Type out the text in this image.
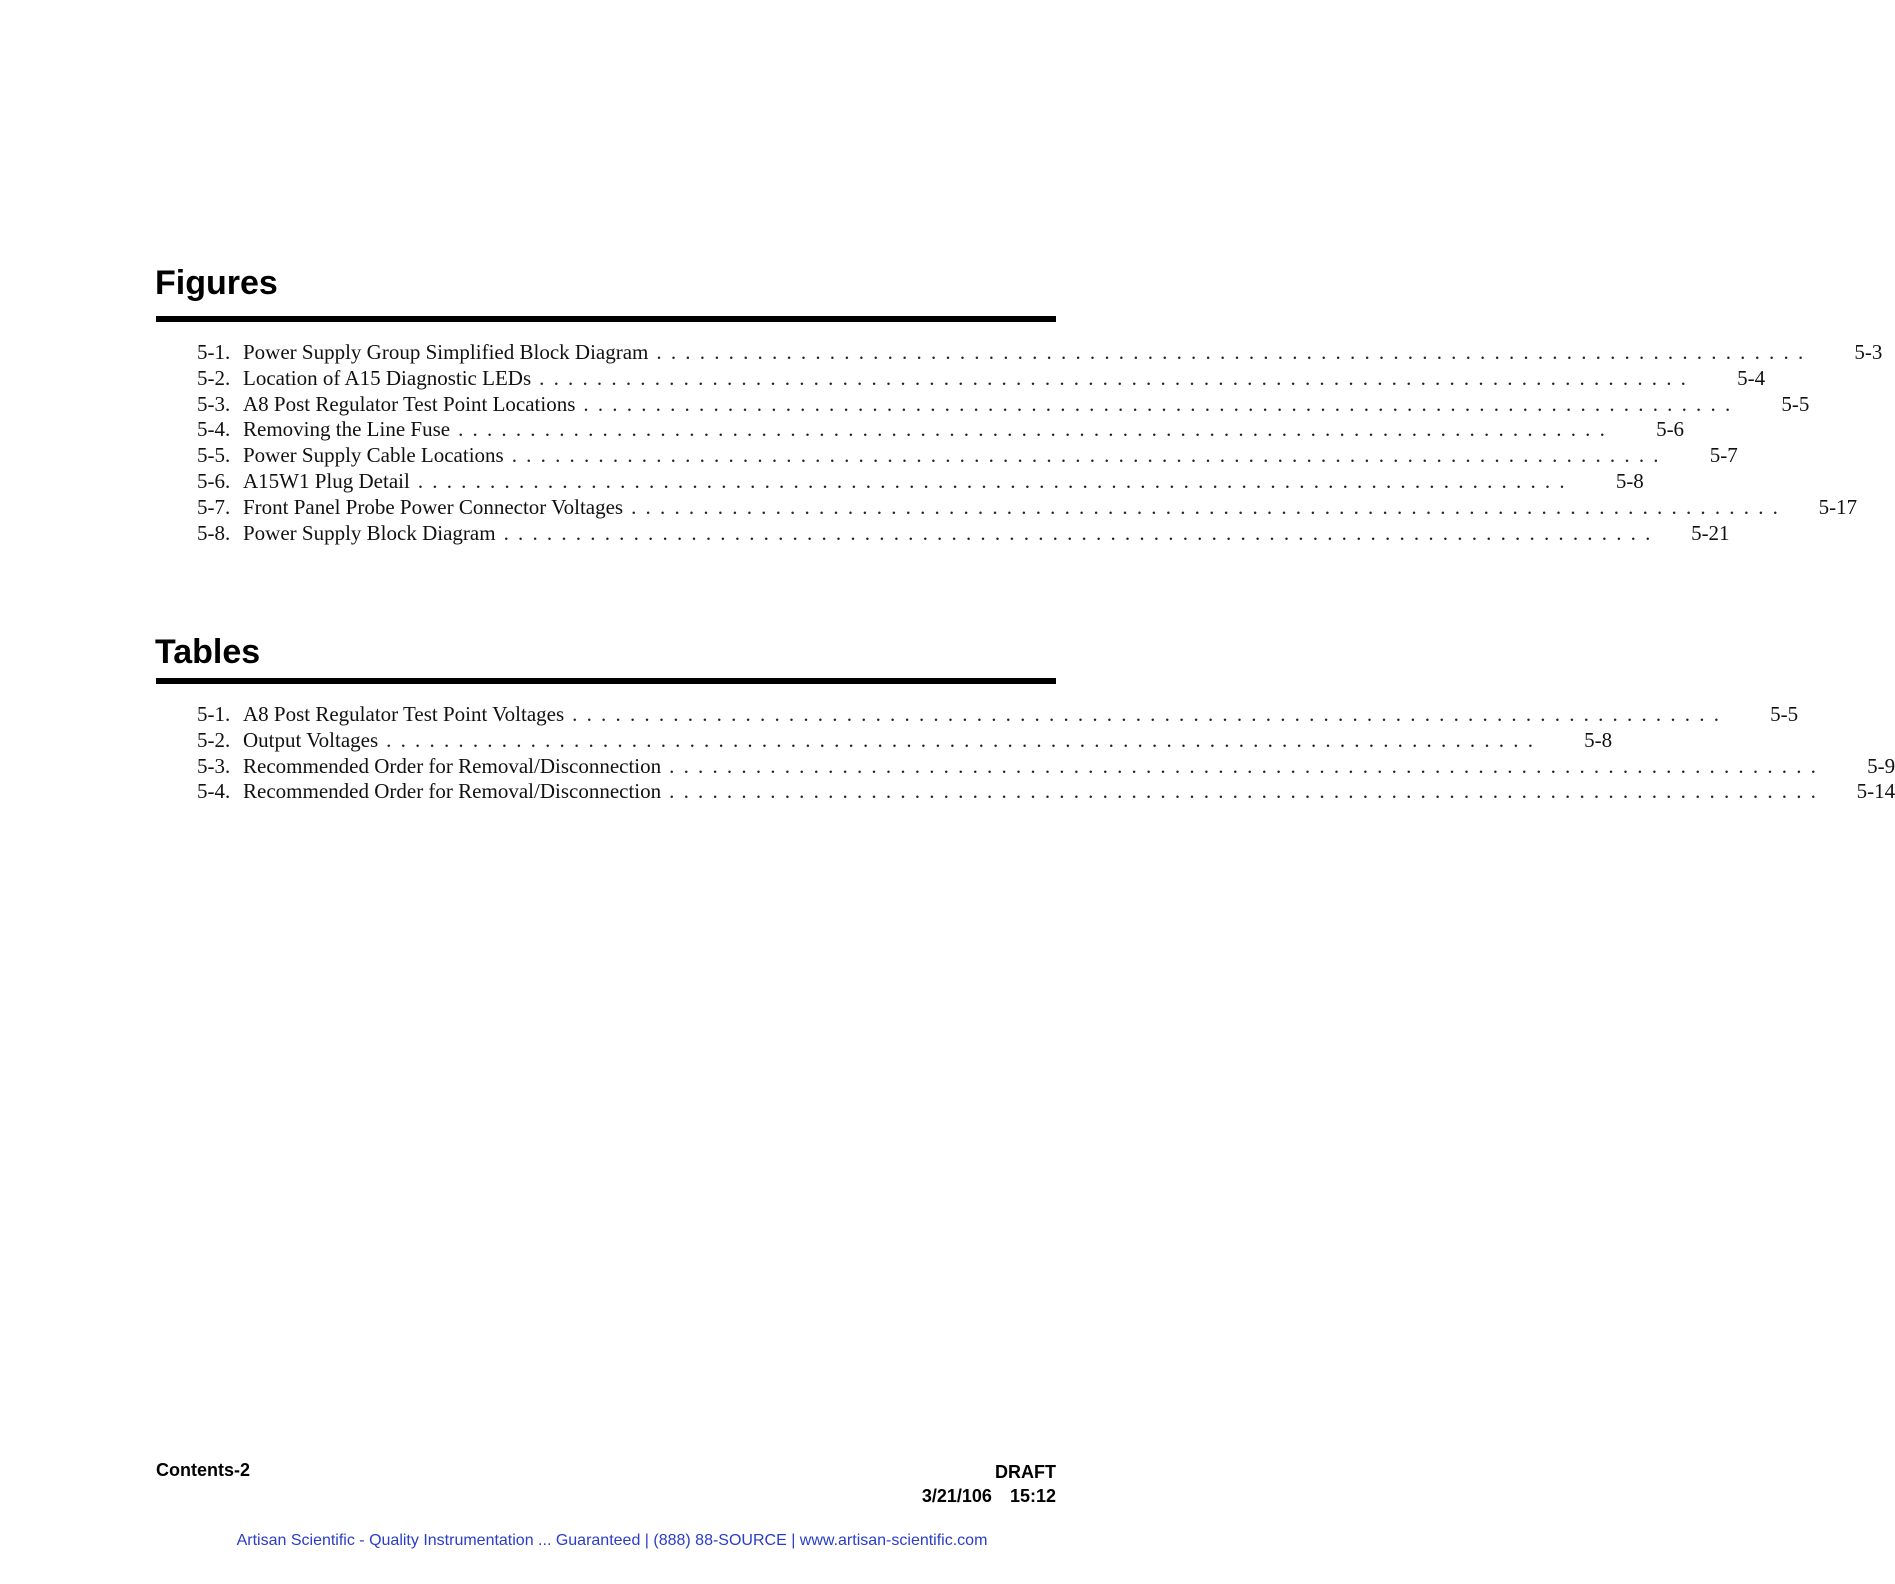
Figures
5-1. Power Supply Group Simplified Block Diagram ................................................................................	5-3
5-2. Location of A15 Diagnostic LEDs ................................................................................	5-4
5-3. A8 Post Regulator Test Point Locations ................................................................................	5-5
5-4. Removing the Line Fuse ................................................................................	5-6
5-5. Power Supply Cable Locations ................................................................................	5-7
5-6. A15W1 Plug Detail ................................................................................	5-8
5-7. Front Panel Probe Power Connector Voltages ................................................................................	5-17
5-8. Power Supply Block Diagram ................................................................................	5-21
Tables
5-1. A8 Post Regulator Test Point Voltages ................................................................................	5-5
5-2. Output Voltages ................................................................................	5-8
5-3. Recommended Order for Removal/Disconnection ................................................................................	5-9
5-4. Recommended Order for Removal/Disconnection ................................................................................	5-14
Contents-2	DRAFT
3/21/106 15:12
Artisan Scientific - Quality Instrumentation ... Guaranteed | (888) 88-SOURCE | www.artisan-scientific.com
